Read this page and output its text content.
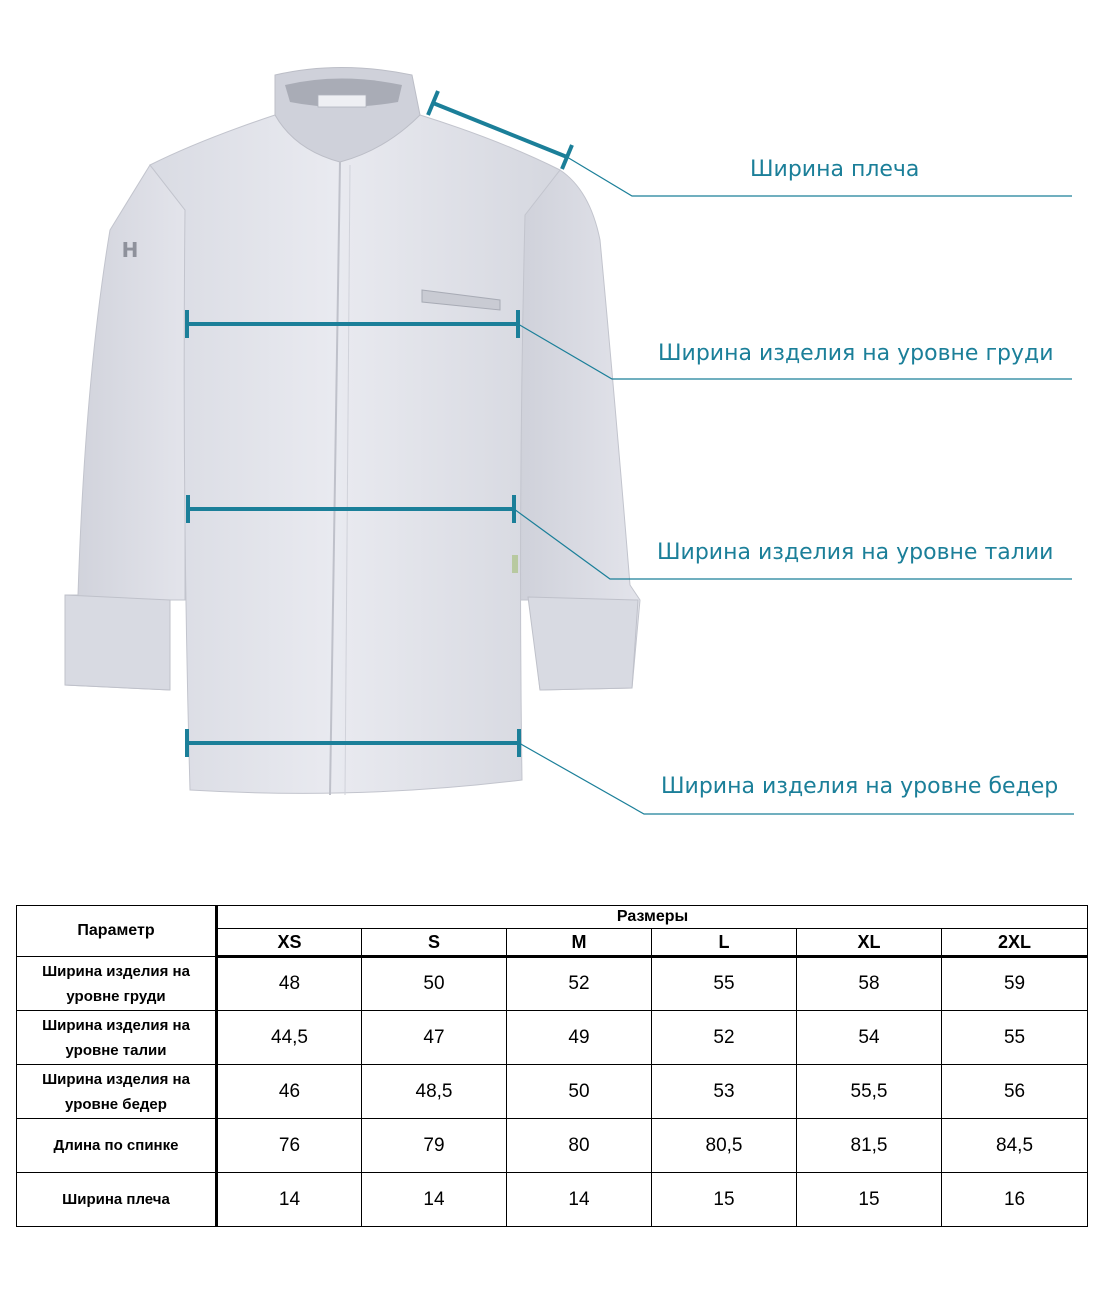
H
Ширина плеча
Ширина изделия на уровне груди
Ширина изделия на уровне талии
Ширина изделия на уровне бедер
Параметр	Размеры					
	XS	S	M	L	XL	2XL
Ширина изделия на уровне груди	48	50	52	55	58	59
Ширина изделия на уровне талии	44,5	47	49	52	54	55
Ширина изделия на уровне бедер	46	48,5	50	53	55,5	56
Длина по спинке	76	79	80	80,5	81,5	84,5
Ширина плеча	14	14	14	15	15	16
